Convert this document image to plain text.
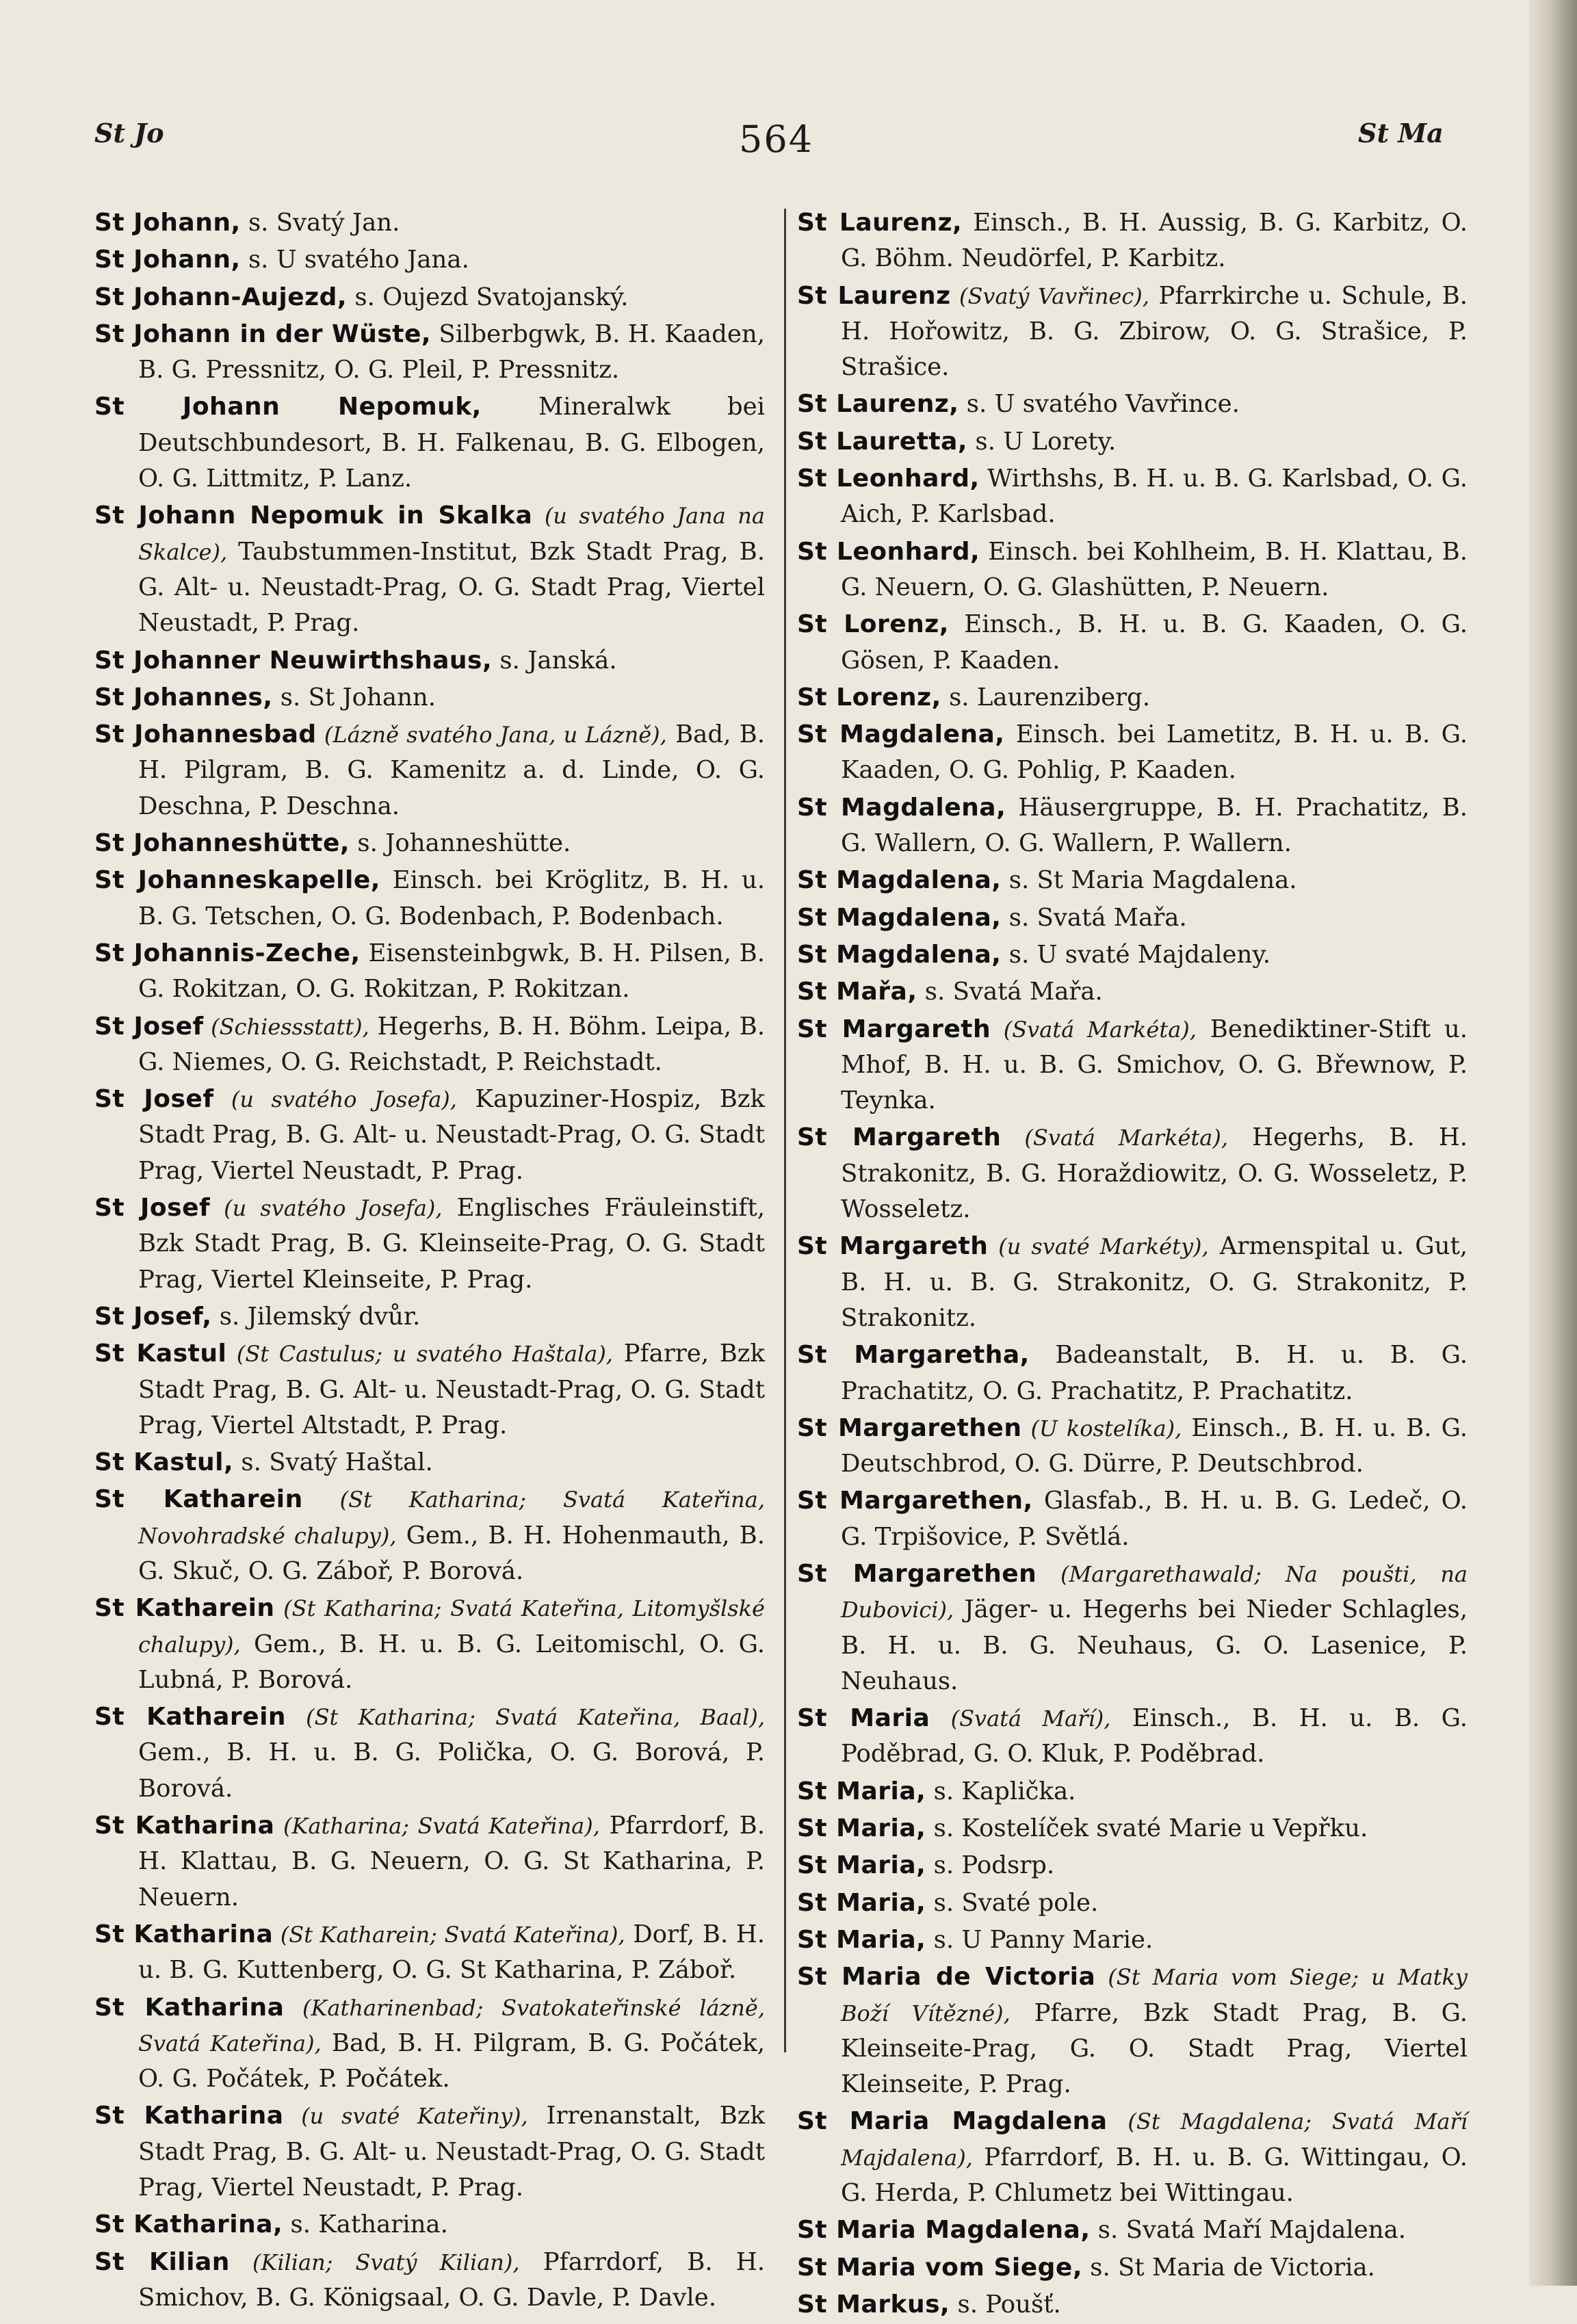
St Jo	564	St Ma

St Johann, s. Svatý Jan.

St Johann, s. U svatého Jana.

St Johann-Aujezd, s. Oujezd Svatojanský.

St Johann in der Wüste, Silberbgwk, B. H. Kaaden, B. G. Pressnitz, O. G. Pleil, P. Pressnitz.

St Johann Nepomuk, Mineralwk bei Deutschbundesort, B. H. Falkenau, B. G. Elbogen, O. G. Littmitz, P. Lanz.

St Johann Nepomuk in Skalka (u svatého Jana na Skalce), Taubstummen-Institut, Bzk Stadt Prag, B. G. Alt- u. Neustadt-Prag, O. G. Stadt Prag, Viertel Neustadt, P. Prag.

St Johanner Neuwirthshaus, s. Janská.

St Johannes, s. St Johann.

St Johannesbad (Lázně svatého Jana, u Lázně), Bad, B. H. Pilgram, B. G. Kamenitz a. d. Linde, O. G. Deschna, P. Deschna.

St Johanneshütte, s. Johanneshütte.

St Johanneskapelle, Einsch. bei Kröglitz, B. H. u. B. G. Tetschen, O. G. Bodenbach, P. Bodenbach.

St Johannis-Zeche, Eisensteinbgwk, B. H. Pilsen, B. G. Rokitzan, O. G. Rokitzan, P. Rokitzan.

St Josef (Schiessstatt), Hegerhs, B. H. Böhm. Leipa, B. G. Niemes, O. G. Reichstadt, P. Reichstadt.

St Josef (u svatého Josefa), Kapuziner-Hospiz, Bzk Stadt Prag, B. G. Alt- u. Neustadt-Prag, O. G. Stadt Prag, Viertel Neustadt, P. Prag.

St Josef (u svatého Josefa), Englisches Fräuleinstift, Bzk Stadt Prag, B. G. Kleinseite-Prag, O. G. Stadt Prag, Viertel Kleinseite, P. Prag.

St Josef, s. Jilemský dvůr.

St Kastul (St Castulus; u svatého Haštala), Pfarre, Bzk Stadt Prag, B. G. Alt- u. Neustadt-Prag, O. G. Stadt Prag, Viertel Altstadt, P. Prag.

St Kastul, s. Svatý Haštal.

St Katharein (St Katharina; Svatá Kateřina, Novohradské chalupy), Gem., B. H. Hohenmauth, B. G. Skuč, O. G. Záboř, P. Borová.

St Katharein (St Katharina; Svatá Kateřina, Litomyšlské chalupy), Gem., B. H. u. B. G. Leitomischl, O. G. Lubná, P. Borová.

St Katharein (St Katharina; Svatá Kateřina, Baal), Gem., B. H. u. B. G. Polička, O. G. Borová, P. Borová.

St Katharina (Katharina; Svatá Kateřina), Pfarrdorf, B. H. Klattau, B. G. Neuern, O. G. St Katharina, P. Neuern.

St Katharina (St Katharein; Svatá Kateřina), Dorf, B. H. u. B. G. Kuttenberg, O. G. St Katharina, P. Záboř.

St Katharina (Katharinenbad; Svatokateřinské lázně, Svatá Kateřina), Bad, B. H. Pilgram, B. G. Počátek, O. G. Počátek, P. Počátek.

St Katharina (u svaté Kateřiny), Irrenanstalt, Bzk Stadt Prag, B. G. Alt- u. Neustadt-Prag, O. G. Stadt Prag, Viertel Neustadt, P. Prag.

St Katharina, s. Katharina.

St Kilian (Kilian; Svatý Kilian), Pfarrdorf, B. H. Smichov, B. G. Königsaal, O. G. Davle, P. Davle.

St Laurenz, Einsch., B. H. Aussig, B. G. Karbitz, O. G. Böhm. Neudörfel, P. Karbitz.

St Laurenz (Svatý Vavřinec), Pfarrkirche u. Schule, B. H. Hořowitz, B. G. Zbirow, O. G. Strašice, P. Strašice.

St Laurenz, s. U svatého Vavřince.

St Lauretta, s. U Lorety.

St Leonhard, Wirthshs, B. H. u. B. G. Karlsbad, O. G. Aich, P. Karlsbad.

St Leonhard, Einsch. bei Kohlheim, B. H. Klattau, B. G. Neuern, O. G. Glashütten, P. Neuern.

St Lorenz, Einsch., B. H. u. B. G. Kaaden, O. G. Gösen, P. Kaaden.

St Lorenz, s. Laurenziberg.

St Magdalena, Einsch. bei Lametitz, B. H. u. B. G. Kaaden, O. G. Pohlig, P. Kaaden.

St Magdalena, Häusergruppe, B. H. Prachatitz, B. G. Wallern, O. G. Wallern, P. Wallern.

St Magdalena, s. St Maria Magdalena.

St Magdalena, s. Svatá Mařa.

St Magdalena, s. U svaté Majdaleny.

St Mařa, s. Svatá Mařa.

St Margareth (Svatá Markéta), Benediktiner-Stift u. Mhof, B. H. u. B. G. Smichov, O. G. Břewnow, P. Teynka.

St Margareth (Svatá Markéta), Hegerhs, B. H. Strakonitz, B. G. Horaždiowitz, O. G. Wosseletz, P. Wosseletz.

St Margareth (u svaté Markéty), Armenspital u. Gut, B. H. u. B. G. Strakonitz, O. G. Strakonitz, P. Strakonitz.

St Margaretha, Badeanstalt, B. H. u. B. G. Prachatitz, O. G. Prachatitz, P. Prachatitz.

St Margarethen (U kostelíka), Einsch., B. H. u. B. G. Deutschbrod, O. G. Dürre, P. Deutschbrod.

St Margarethen, Glasfab., B. H. u. B. G. Ledeč, O. G. Trpišovice, P. Světlá.

St Margarethen (Margarethawald; Na poušti, na Dubovici), Jäger- u. Hegerhs bei Nieder Schlagles, B. H. u. B. G. Neuhaus, G. O. Lasenice, P. Neuhaus.

St Maria (Svatá Maří), Einsch., B. H. u. B. G. Poděbrad, G. O. Kluk, P. Poděbrad.

St Maria, s. Kaplička.

St Maria, s. Kostelíček svaté Marie u Vepřku.

St Maria, s. Podsrp.

St Maria, s. Svaté pole.

St Maria, s. U Panny Marie.

St Maria de Victoria (St Maria vom Siege; u Matky Boží Vítězné), Pfarre, Bzk Stadt Prag, B. G. Kleinseite-Prag, G. O. Stadt Prag, Viertel Kleinseite, P. Prag.

St Maria Magdalena (St Magdalena; Svatá Maří Majdalena), Pfarrdorf, B. H. u. B. G. Wittingau, O. G. Herda, P. Chlumetz bei Wittingau.

St Maria Magdalena, s. Svatá Maří Majdalena.

St Maria vom Siege, s. St Maria de Victoria.

St Markus, s. Poušť.
